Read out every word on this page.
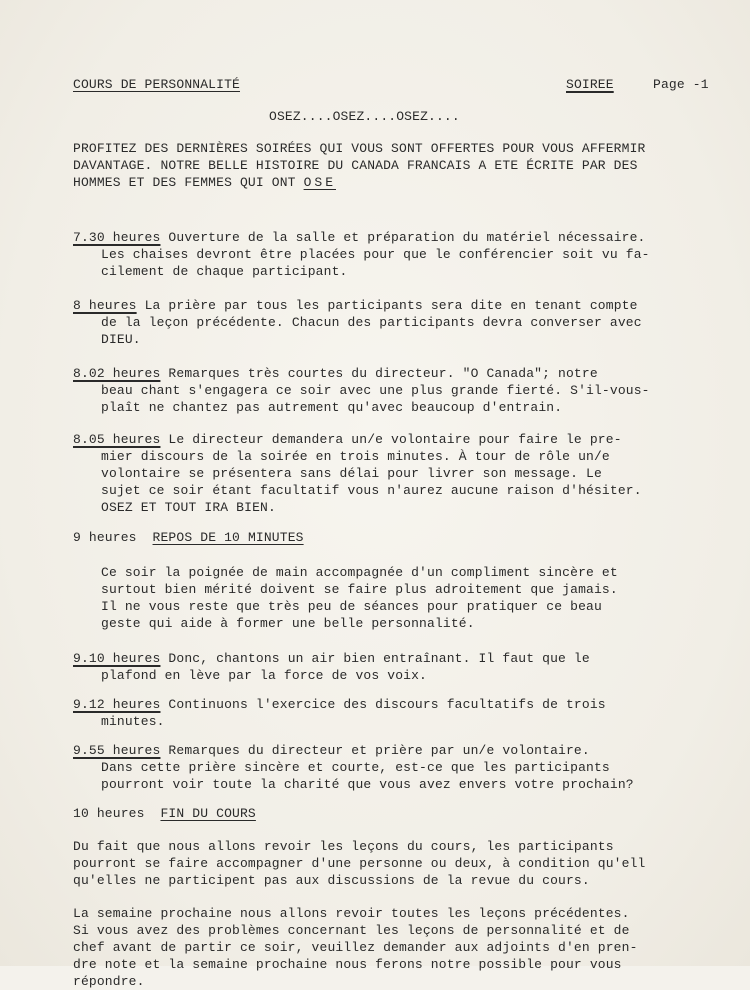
COURS DE PERSONNALITÉ	SOIREE	Page -1
OSEZ....OSEZ....OSEZ....
PROFITEZ DES DERNIÈRES SOIRÉES QUI VOUS SONT OFFERTES POUR VOUS AFFERMIR
DAVANTAGE. NOTRE BELLE HISTOIRE DU CANADA FRANCAIS A ETE ÉCRITE PAR DES
HOMMES ET DES FEMMES QUI ONT OSE
7.30 heures Ouverture de la salle et préparation du matériel nécessaire.
Les chaises devront être placées pour que le conférencier soit vu fa-
cilement de chaque participant.
8 heures La prière par tous les participants sera dite en tenant compte
de la leçon précédente. Chacun des participants devra converser avec
DIEU.
8.02 heures Remarques très courtes du directeur. "O Canada"; notre
beau chant s'engagera ce soir avec une plus grande fierté. S'il-vous-
plaît ne chantez pas autrement qu'avec beaucoup d'entrain.
8.05 heures Le directeur demandera un/e volontaire pour faire le pre-
mier discours de la soirée en trois minutes. À tour de rôle un/e
volontaire se présentera sans délai pour livrer son message. Le
sujet ce soir étant facultatif vous n'aurez aucune raison d'hésiter.
OSEZ ET TOUT IRA BIEN.
9 heures REPOS DE 10 MINUTES
Ce soir la poignée de main accompagnée d'un compliment sincère et
surtout bien mérité doivent se faire plus adroitement que jamais.
Il ne vous reste que très peu de séances pour pratiquer ce beau
geste qui aide à former une belle personnalité.
9.10 heures Donc, chantons un air bien entraînant. Il faut que le
plafond en lève par la force de vos voix.
9.12 heures Continuons l'exercice des discours facultatifs de trois
minutes.
9.55 heures Remarques du directeur et prière par un/e volontaire.
Dans cette prière sincère et courte, est-ce que les participants
pourront voir toute la charité que vous avez envers votre prochain?
10 heures FIN DU COURS
Du fait que nous allons revoir les leçons du cours, les participants
pourront se faire accompagner d'une personne ou deux, à condition qu'ell
qu'elles ne participent pas aux discussions de la revue du cours.
La semaine prochaine nous allons revoir toutes les leçons précédentes.
Si vous avez des problèmes concernant les leçons de personnalité et de
chef avant de partir ce soir, veuillez demander aux adjoints d'en pren-
dre note et la semaine prochaine nous ferons notre possible pour vous
répondre.
